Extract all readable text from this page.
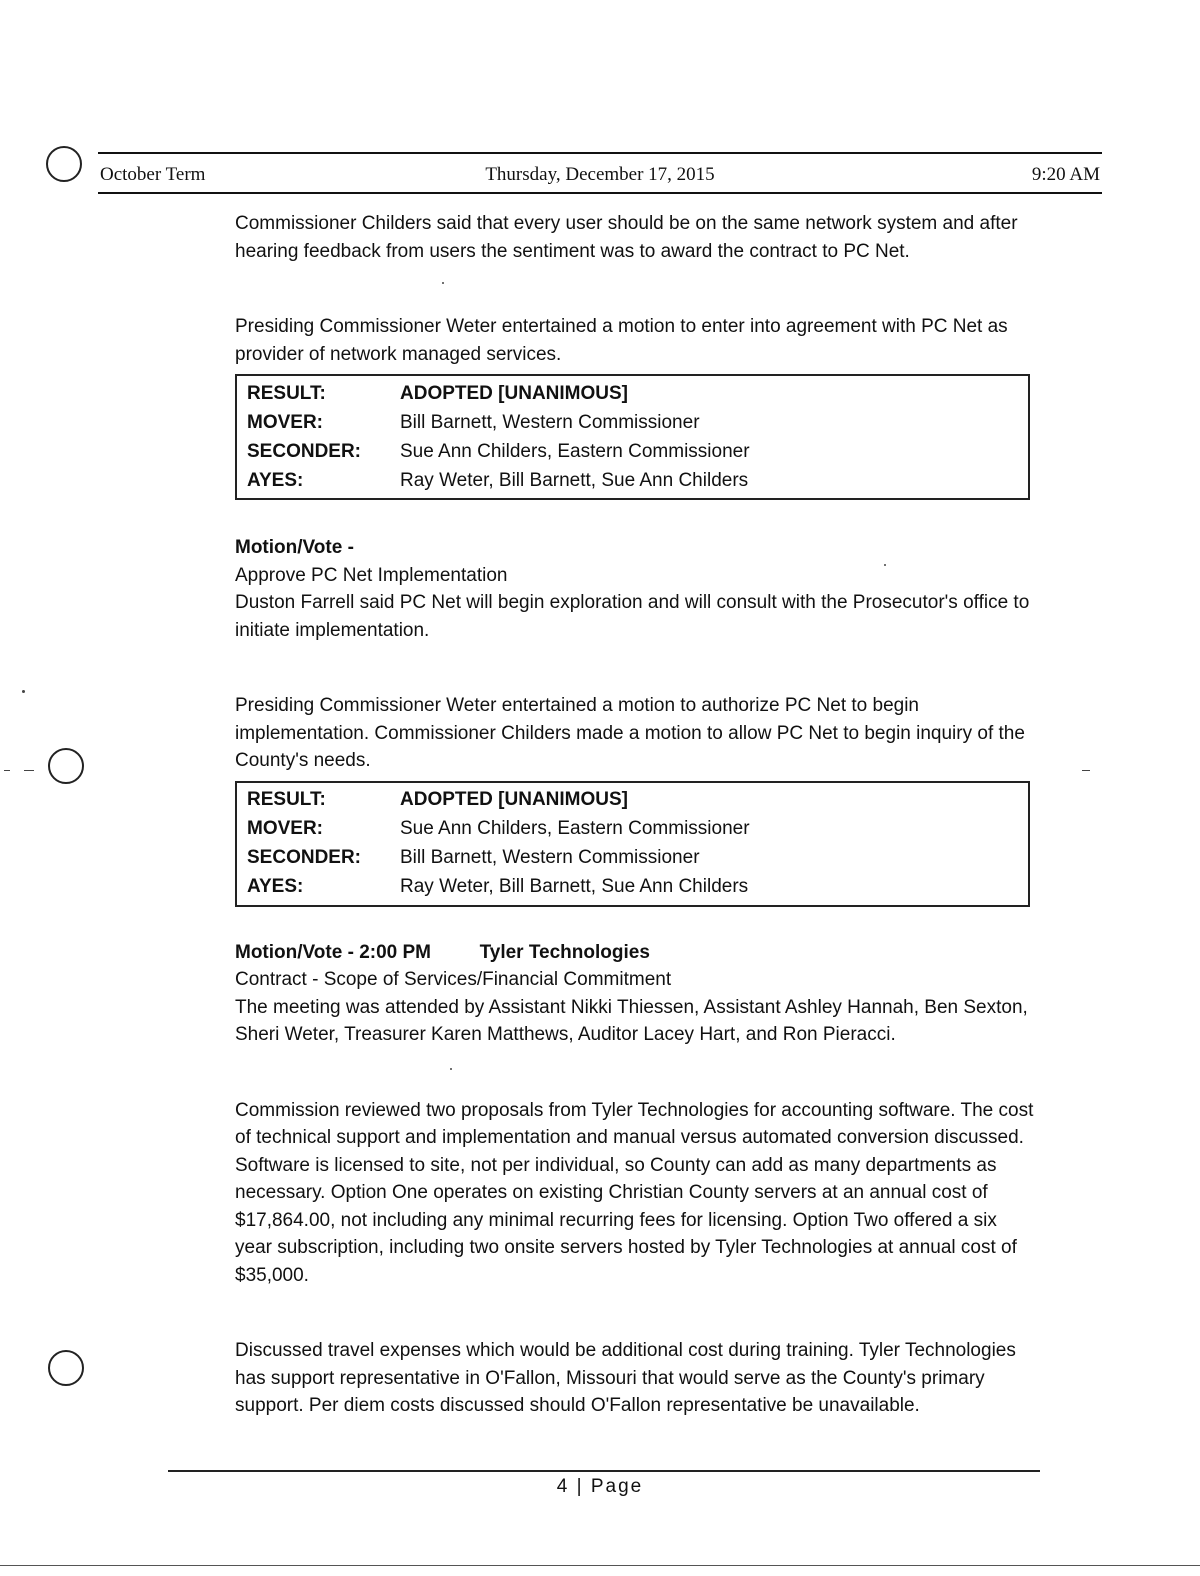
October Term	Thursday, December 17, 2015	9:20 AM

Commissioner Childers said that every user should be on the same network system and after hearing feedback from users the sentiment was to award the contract to PC Net.

Presiding Commissioner Weter entertained a motion to enter into agreement with PC Net as provider of network managed services.

RESULT:	ADOPTED [UNANIMOUS]
MOVER:	Bill Barnett, Western Commissioner
SECONDER:	Sue Ann Childers, Eastern Commissioner
AYES:	Ray Weter, Bill Barnett, Sue Ann Childers

Motion/Vote -

Approve PC Net Implementation

Duston Farrell said PC Net will begin exploration and will consult with the Prosecutor's office to initiate implementation.

Presiding Commissioner Weter entertained a motion to authorize PC Net to begin implementation. Commissioner Childers made a motion to allow PC Net to begin inquiry of the County's needs.

RESULT:	ADOPTED [UNANIMOUS]
MOVER:	Sue Ann Childers, Eastern Commissioner
SECONDER:	Bill Barnett, Western Commissioner
AYES:	Ray Weter, Bill Barnett, Sue Ann Childers

Motion/Vote - 2:00 PM	Tyler Technologies

Contract - Scope of Services/Financial Commitment

The meeting was attended by Assistant Nikki Thiessen, Assistant Ashley Hannah, Ben Sexton, Sheri Weter, Treasurer Karen Matthews, Auditor Lacey Hart, and Ron Pieracci.

Commission reviewed two proposals from Tyler Technologies for accounting software. The cost of technical support and implementation and manual versus automated conversion discussed. Software is licensed to site, not per individual, so County can add as many departments as necessary. Option One operates on existing Christian County servers at an annual cost of $17,864.00, not including any minimal recurring fees for licensing. Option Two offered a six year subscription, including two onsite servers hosted by Tyler Technologies at annual cost of $35,000.

Discussed travel expenses which would be additional cost during training. Tyler Technologies has support representative in O'Fallon, Missouri that would serve as the County's primary support. Per diem costs discussed should O'Fallon representative be unavailable.

4 | Page
